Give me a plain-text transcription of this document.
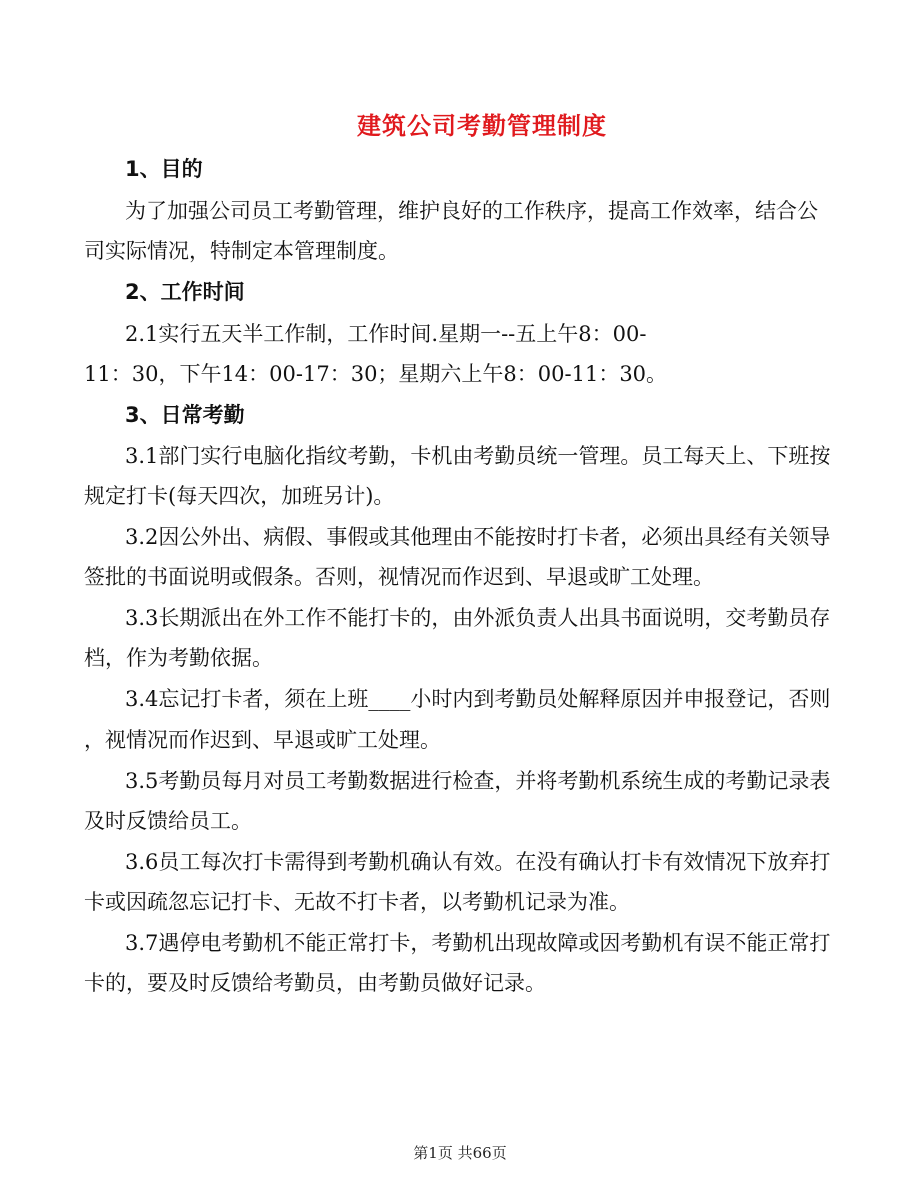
建筑公司考勤管理制度
1、目的
为了加强公司员工考勤管理，维护良好的工作秩序，提高工作效率，结合公
司实际情况，特制定本管理制度。
2、工作时间
2.1实行五天半工作制，工作时间.星期一--五上午8：00-
11：30，下午14：00-17：30；星期六上午8：00-11：30。
3、日常考勤
3.1部门实行电脑化指纹考勤，卡机由考勤员统一管理。员工每天上、下班按
规定打卡(每天四次，加班另计)。
3.2因公外出、病假、事假或其他理由不能按时打卡者，必须出具经有关领导
签批的书面说明或假条。否则，视情况而作迟到、早退或旷工处理。
3.3长期派出在外工作不能打卡的，由外派负责人出具书面说明，交考勤员存
档，作为考勤依据。
3.4忘记打卡者，须在上班____小时内到考勤员处解释原因并申报登记，否则
，视情况而作迟到、早退或旷工处理。
3.5考勤员每月对员工考勤数据进行检查，并将考勤机系统生成的考勤记录表
及时反馈给员工。
3.6员工每次打卡需得到考勤机确认有效。在没有确认打卡有效情况下放弃打
卡或因疏忽忘记打卡、无故不打卡者，以考勤机记录为准。
3.7遇停电考勤机不能正常打卡，考勤机出现故障或因考勤机有误不能正常打
卡的，要及时反馈给考勤员，由考勤员做好记录。
第1页 共66页
